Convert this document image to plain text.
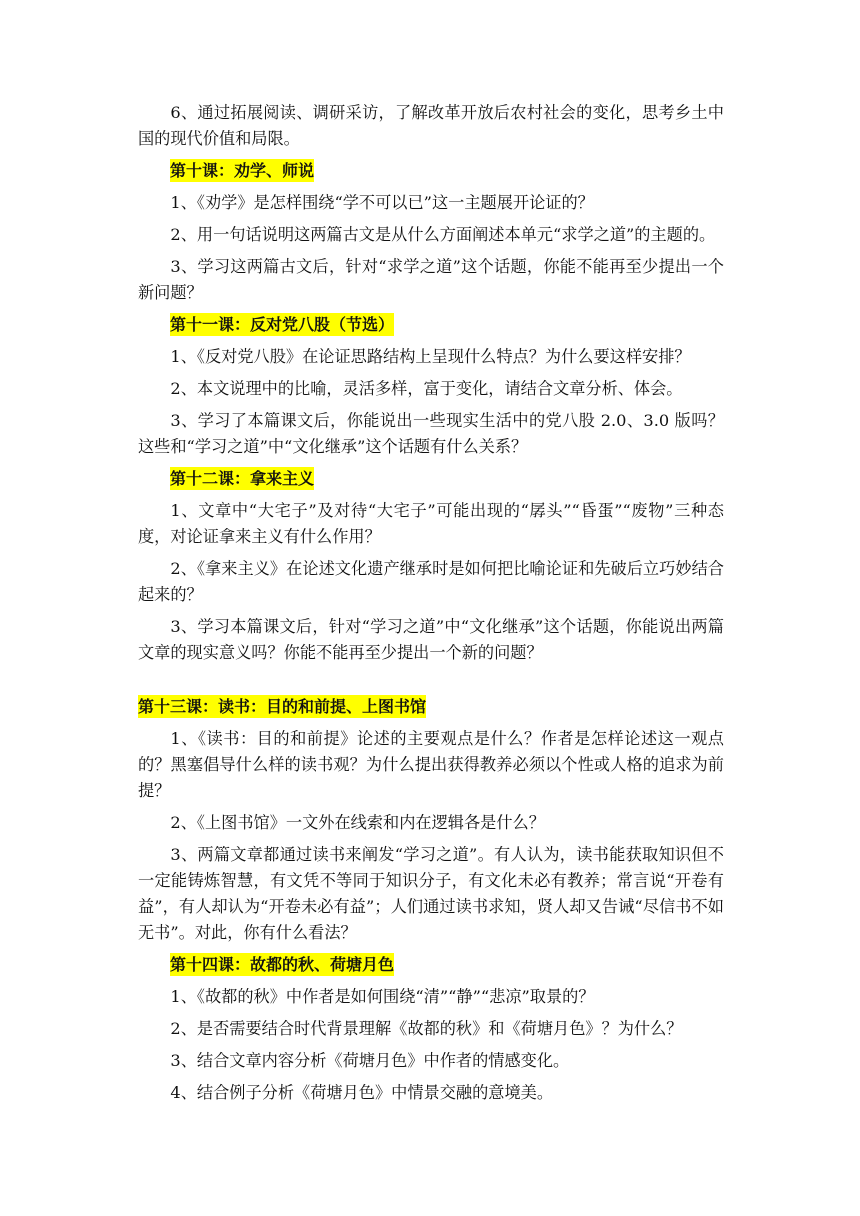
6、通过拓展阅读、调研采访，了解改革开放后农村社会的变化，思考乡土中国的现代价值和局限。

第十课：劝学、师说

1、《劝学》是怎样围绕“学不可以已”这一主题展开论证的？

2、用一句话说明这两篇古文是从什么方面阐述本单元“求学之道”的主题的。

3、学习这两篇古文后，针对“求学之道”这个话题，你能不能再至少提出一个新问题？

第十一课：反对党八股（节选）

1、《反对党八股》在论证思路结构上呈现什么特点？为什么要这样安排？

2、本文说理中的比喻，灵活多样，富于变化，请结合文章分析、体会。

3、学习了本篇课文后，你能说出一些现实生活中的党八股 2.0、3.0 版吗？这些和“学习之道”中“文化继承”这个话题有什么关系？

第十二课：拿来主义

1、文章中“大宅子”及对待“大宅子”可能出现的“孱头”“昏蛋”“废物”三种态度，对论证拿来主义有什么作用？

2、《拿来主义》在论述文化遗产继承时是如何把比喻论证和先破后立巧妙结合起来的？

3、学习本篇课文后，针对“学习之道”中“文化继承”这个话题，你能说出两篇文章的现实意义吗？你能不能再至少提出一个新的问题？

第十三课：读书：目的和前提、上图书馆

1、《读书：目的和前提》论述的主要观点是什么？作者是怎样论述这一观点的？黑塞倡导什么样的读书观？为什么提出获得教养必须以个性或人格的追求为前提？

2、《上图书馆》一文外在线索和内在逻辑各是什么？

3、两篇文章都通过读书来阐发“学习之道”。有人认为，读书能获取知识但不一定能铸炼智慧，有文凭不等同于知识分子，有文化未必有教养；常言说“开卷有益”，有人却认为“开卷未必有益”；人们通过读书求知，贤人却又告诫“尽信书不如无书”。对此，你有什么看法？

第十四课：故都的秋、荷塘月色

1、《故都的秋》中作者是如何围绕“清”“静”“悲凉”取景的？

2、是否需要结合时代背景理解《故都的秋》和《荷塘月色》？为什么？

3、结合文章内容分析《荷塘月色》中作者的情感变化。

4、结合例子分析《荷塘月色》中情景交融的意境美。
